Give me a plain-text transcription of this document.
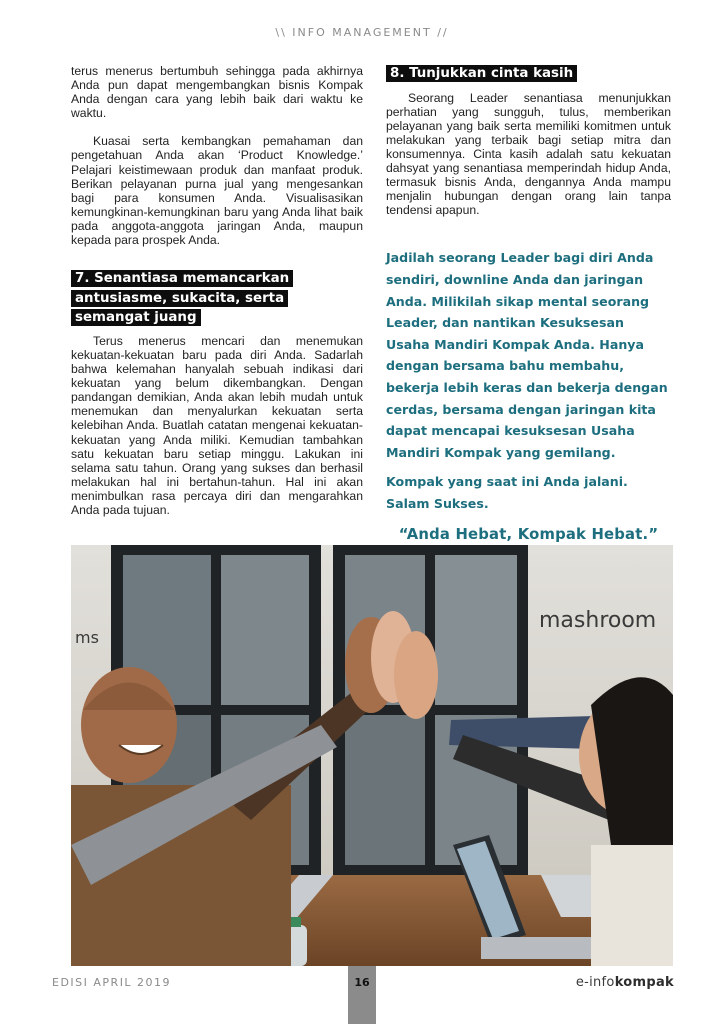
\\ INFO MANAGEMENT //

terus menerus bertumbuh sehingga pada akhirnya Anda pun dapat mengembangkan bisnis Kompak Anda dengan cara yang lebih baik dari waktu ke waktu.

Kuasai serta kembangkan pemahaman dan pengetahuan Anda akan ‘Product Knowledge.’ Pelajari keistimewaan produk dan manfaat produk. Berikan pelayanan purna jual yang mengesankan bagi para konsumen Anda. Visualisasikan kemungkinan-kemungkinan baru yang Anda lihat baik pada anggota-anggota jaringan Anda, maupun kepada para prospek Anda.

7. Senantiasa memancarkan antusiasme, sukacita, serta semangat juang

Terus menerus mencari dan menemukan kekuatan-kekuatan baru pada diri Anda. Sadarlah bahwa kelemahan hanyalah sebuah indikasi dari kekuatan yang belum dikembangkan. Dengan pandangan demikian, Anda akan lebih mudah untuk menemukan dan menyalurkan kekuatan serta kelebihan Anda. Buatlah catatan mengenai kekuatan-kekuatan yang Anda miliki. Kemudian tambahkan satu kekuatan baru setiap minggu. Lakukan ini selama satu tahun. Orang yang sukses dan berhasil melakukan hal ini bertahun-tahun. Hal ini akan menimbulkan rasa percaya diri dan mengarahkan Anda pada tujuan.

8. Tunjukkan cinta kasih

Seorang Leader senantiasa menunjukkan perhatian yang sungguh, tulus, memberikan pelayanan yang baik serta memiliki komitmen untuk melakukan yang terbaik bagi setiap mitra dan konsumennya. Cinta kasih adalah satu kekuatan dahsyat yang senantiasa memperindah hidup Anda, termasuk bisnis Anda, dengannya Anda mampu menjalin hubungan dengan orang lain tanpa tendensi apapun.

Jadilah seorang Leader bagi diri Anda sendiri, downline Anda dan jaringan Anda. Milikilah sikap mental seorang Leader, dan nantikan Kesuksesan Usaha Mandiri Kompak Anda. Hanya dengan bersama bahu membahu, bekerja lebih keras dan bekerja dengan cerdas, bersama dengan jaringan kita dapat mencapai kesuksesan Usaha Mandiri Kompak yang gemilang.

Kompak yang saat ini Anda jalani. Salam Sukses.

“Anda Hebat, Kompak Hebat.”

mashroom
ms
EDISI APRIL 2019	16	e-infokompak
